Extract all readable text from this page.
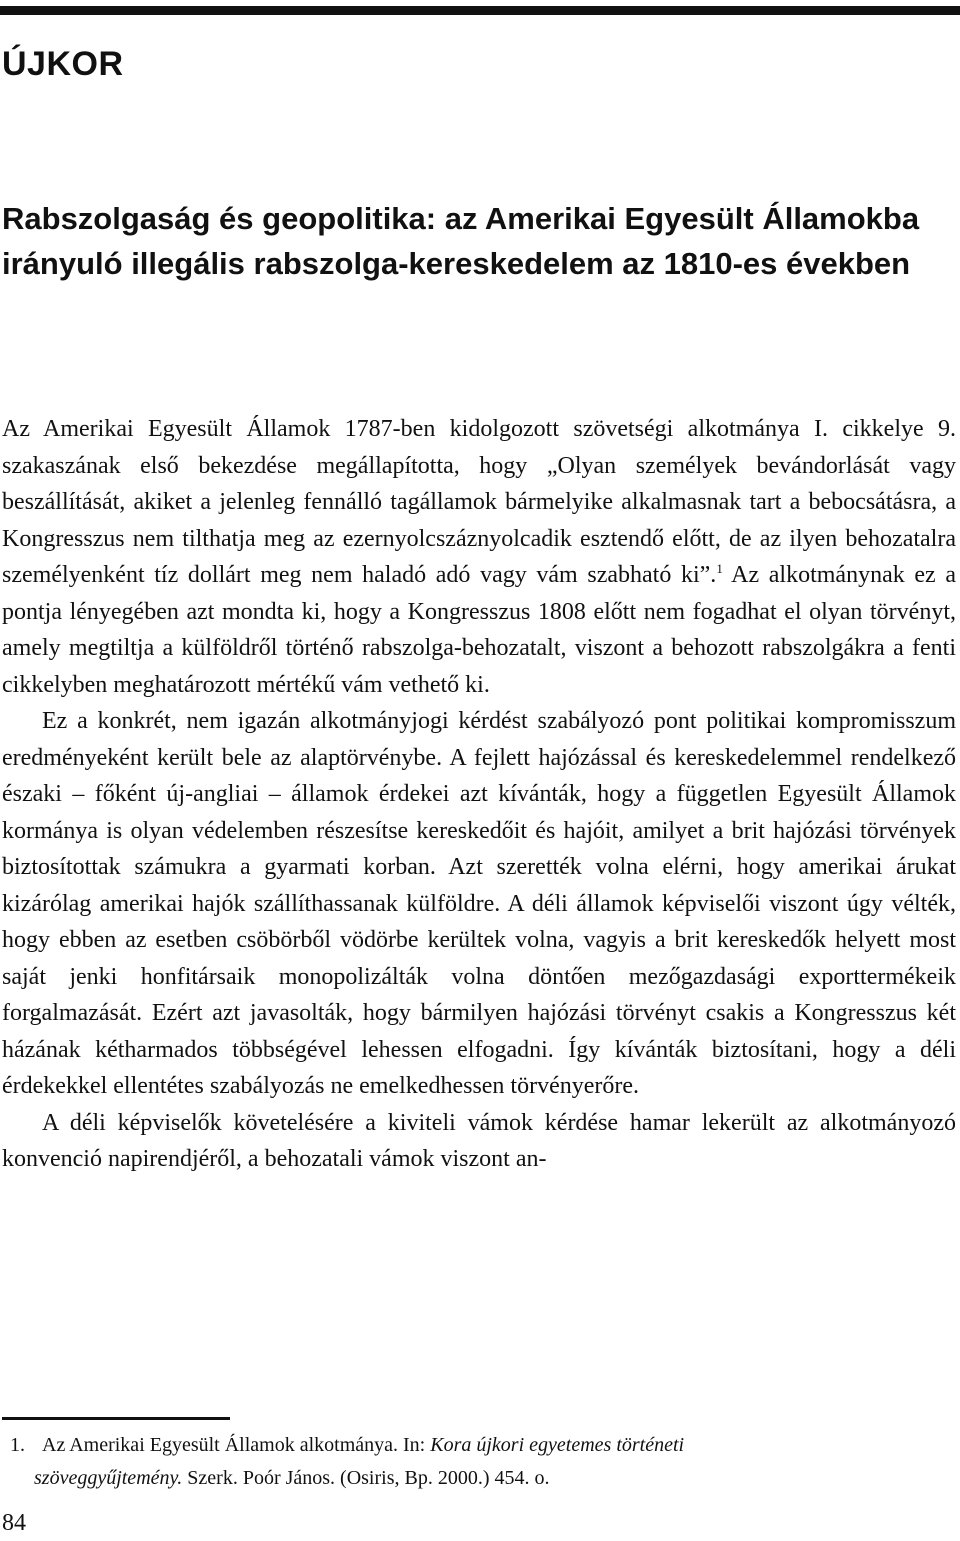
ÚJKOR
Rabszolgaság és geopolitika: az Amerikai Egyesült Államokba irányuló illegális rabszolga-kereskedelem az 1810-es években

Az Amerikai Egyesült Államok 1787-ben kidolgozott szövetségi alkotmánya I. cikkelye 9. szakaszának első bekezdése megállapította, hogy „Olyan személyek bevándorlását vagy beszállítását, akiket a jelenleg fennálló tagállamok bármelyike alkalmasnak tart a bebocsátásra, a Kongresszus nem tilthatja meg az ezernyolcszáznyolcadik esztendő előtt, de az ilyen behozatalra személyenként tíz dollárt meg nem haladó adó vagy vám szabható ki”.$^1$ Az alkotmánynak ez a pontja lényegében azt mondta ki, hogy a Kongresszus 1808 előtt nem fogadhat el olyan törvényt, amely megtiltja a külföldről történő rabszolga-behozatalt, viszont a behozott rabszolgákra a fenti cikkelyben meghatározott mértékű vám vethető ki.

Ez a konkrét, nem igazán alkotmányjogi kérdést szabályozó pont politikai kompromisszum eredményeként került bele az alaptörvénybe. A fejlett hajózással és kereskedelemmel rendelkező északi – főként új-angliai – államok érdekei azt kívánták, hogy a független Egyesült Államok kormánya is olyan védelemben részesítse kereskedőit és hajóit, amilyet a brit hajózási törvények biztosítottak számukra a gyarmati korban. Azt szerették volna elérni, hogy amerikai árukat kizárólag amerikai hajók szállíthassanak külföldre. A déli államok képviselői viszont úgy vélték, hogy ebben az esetben csöbörből vödörbe kerültek volna, vagyis a brit kereskedők helyett most saját jenki honfitársaik monopolizálták volna döntően mezőgazdasági exporttermékeik forgalmazását. Ezért azt javasolták, hogy bármilyen hajózási törvényt csakis a Kongresszus két házának kétharmados többségével lehessen elfogadni. Így kívánták biztosítani, hogy a déli érdekekkel ellentétes szabályozás ne emelkedhessen törvényerőre.

A déli képviselők követelésére a kiviteli vámok kérdése hamar lekerült az alkotmányozó konvenció napirendjéről, a behozatali vámok viszont an-

1. Az Amerikai Egyesült Államok alkotmánya. In: Kora újkori egyetemes történeti
szöveggyűjtemény. Szerk. Poór János. (Osiris, Bp. 2000.) 454. o.
84
